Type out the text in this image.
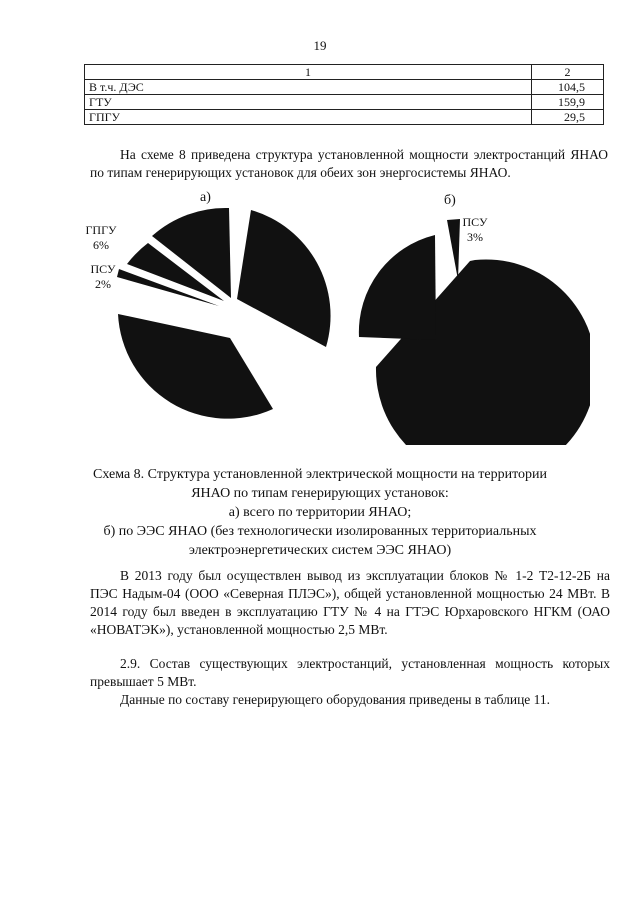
19
1	2
В т.ч. ДЭС	104,5
ГТУ	159,9
ГПГУ	29,5
На схеме 8 приведена структура установленной мощности электростанций ЯНАО по типам генерирующих установок для обеих зон энергосистемы ЯНАО.
а)
ГПГУ
6%
ПСУ
2%
б)
ПСУ
3%
Схема 8. Структура установленной электрической мощности на территории
ЯНАО по типам генерирующих установок:
а) всего по территории ЯНАО;
б) по ЭЭС ЯНАО (без технологически изолированных территориальных
электроэнергетических систем ЭЭС ЯНАО)
В 2013 году был осуществлен вывод из эксплуатации блоков № 1-2 Т2-12-2Б на ПЭС Надым-04 (ООО «Северная ПЛЭС»), общей установленной мощностью 24 МВт. В 2014 году был введен в эксплуатацию ГТУ № 4 на ГТЭС Юрхаровского НГКМ (ОАО «НОВАТЭК»), установленной мощностью 2,5 МВт.
2.9. Состав существующих электростанций, установленная мощность которых превышает 5 МВт.
Данные по составу генерирующего оборудования приведены в таблице 11.
